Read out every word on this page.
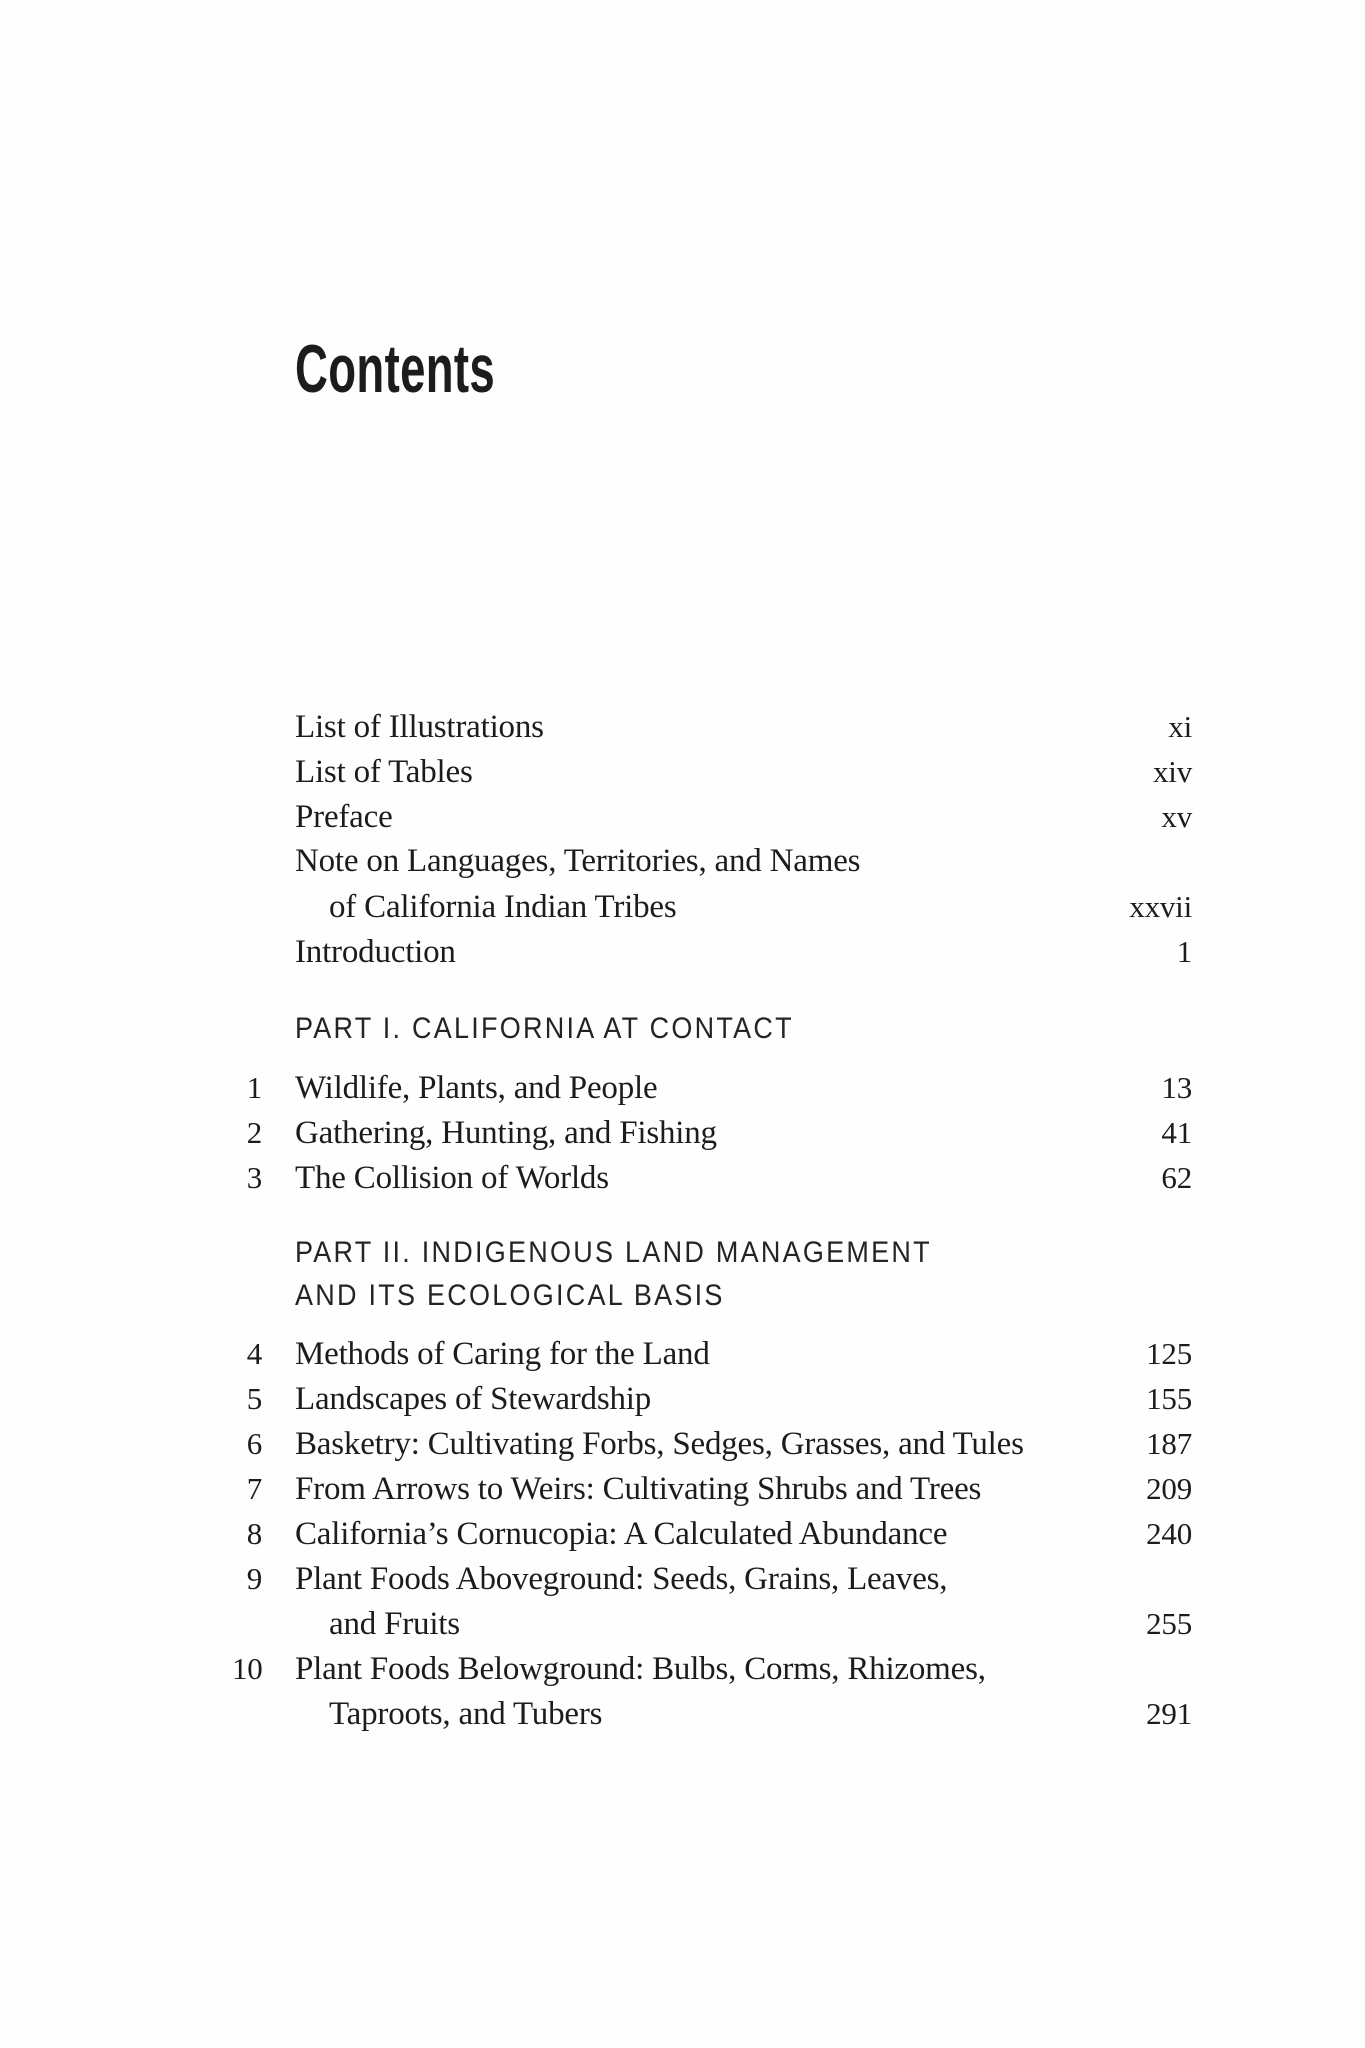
Contents
List of Illustrations	xi
List of Tables	xiv
Preface	xv
Note on Languages, Territories, and Names
of California Indian Tribes	xxvii
Introduction	1
PART I. CALIFORNIA AT CONTACT
1	Wildlife, Plants, and People	13
2	Gathering, Hunting, and Fishing	41
3	The Collision of Worlds	62
PART II. INDIGENOUS LAND MANAGEMENT
AND ITS ECOLOGICAL BASIS
4	Methods of Caring for the Land	125
5	Landscapes of Stewardship	155
6	Basketry: Cultivating Forbs, Sedges, Grasses, and Tules	187
7	From Arrows to Weirs: Cultivating Shrubs and Trees	209
8	California’s Cornucopia: A Calculated Abundance	240
9	Plant Foods Aboveground: Seeds, Grains, Leaves,
and Fruits	255
10 Plant Foods Belowground: Bulbs, Corms, Rhizomes,
Taproots, and Tubers	291
